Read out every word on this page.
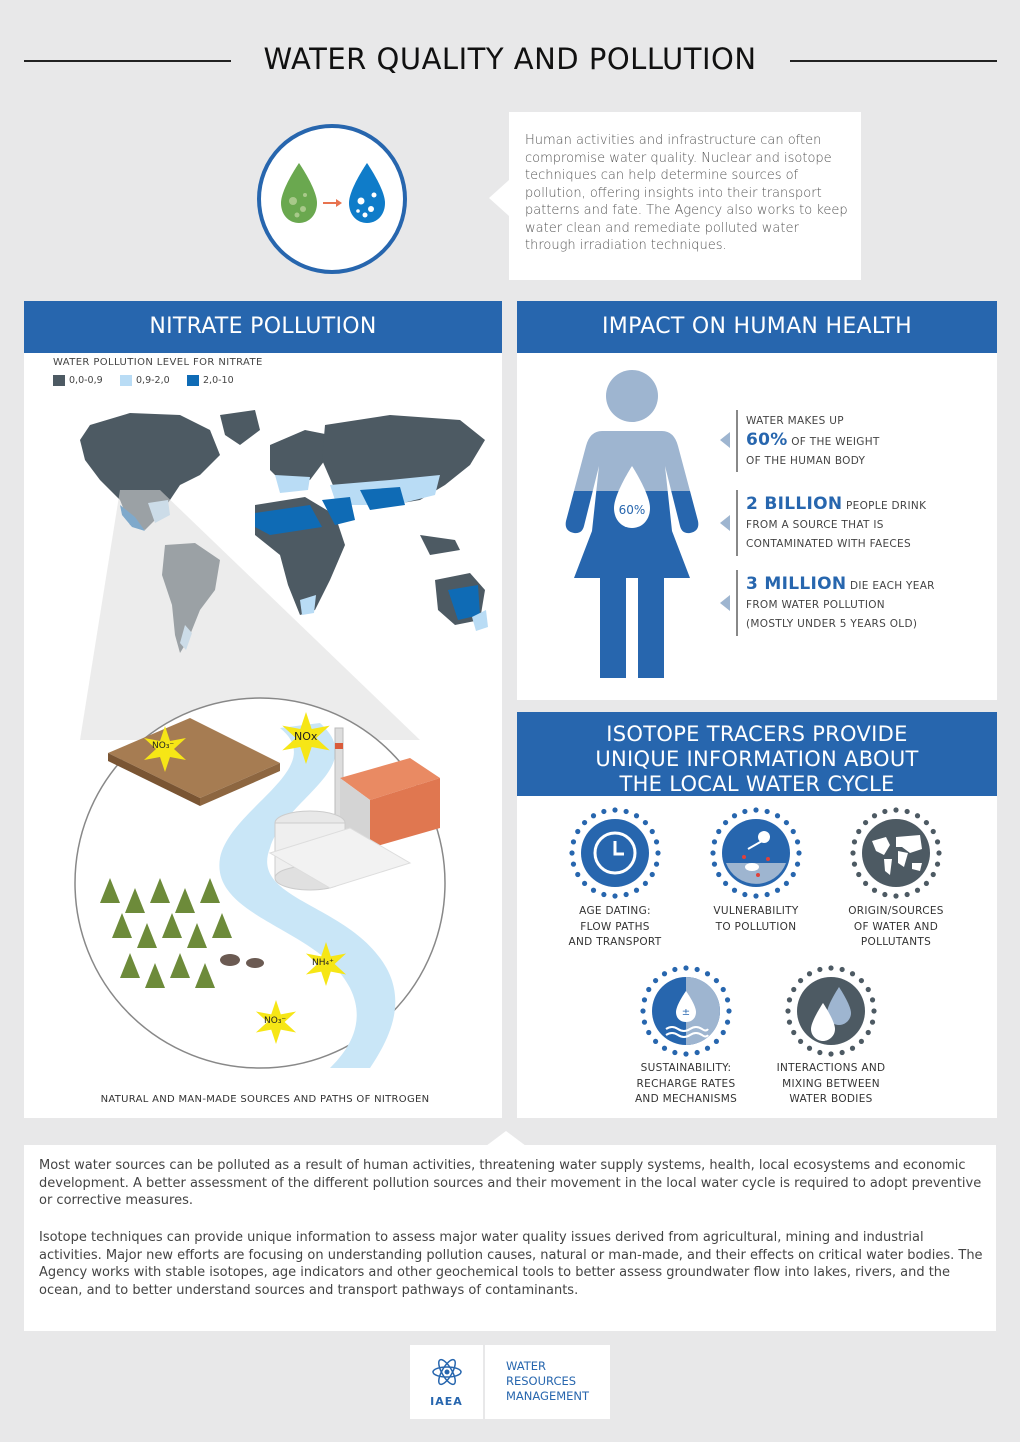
WATER QUALITY AND POLLUTION
Human activities and infrastructure can often compromise water quality. Nuclear and isotope techniques can help determine sources of pollution, offering insights into their transport patterns and fate. The Agency also works to keep water clean and remediate polluted water through irradiation techniques.
NITRATE POLLUTION
WATER POLLUTION LEVEL FOR NITRATE
0,0-0,9	0,9-2,0	2,0-10
NO₃⁻
NOx
NH₄⁺
NO₃⁻
NATURAL AND MAN-MADE SOURCES AND PATHS OF NITROGEN
IMPACT ON HUMAN HEALTH
60%
WATER MAKES UP
60% OF THE WEIGHT
OF THE HUMAN BODY
2 BILLION PEOPLE DRINK
FROM A SOURCE THAT IS
CONTAMINATED WITH FAECES
3 MILLION DIE EACH YEAR
FROM WATER POLLUTION
(MOSTLY UNDER 5 YEARS OLD)
ISOTOPE TRACERS PROVIDE
UNIQUE INFORMATION ABOUT
THE LOCAL WATER CYCLE
±
AGE DATING:
FLOW PATHS
AND TRANSPORT
VULNERABILITY
TO POLLUTION
ORIGIN/SOURCES
OF WATER AND
POLLUTANTS
SUSTAINABILITY:
RECHARGE RATES
AND MECHANISMS
INTERACTIONS AND
MIXING BETWEEN
WATER BODIES
Most water sources can be polluted as a result of human activities, threatening water supply systems, health, local ecosystems and economic development. A better assessment of the different pollution sources and their movement in the local water cycle is required to adopt preventive or corrective measures.
Isotope techniques can provide unique information to assess major water quality issues derived from agricultural, mining and industrial activities. Major new efforts are focusing on understanding pollution causes, natural or man-made, and their effects on critical water bodies. The Agency works with stable isotopes, age indicators and other geochemical tools to better assess groundwater flow into lakes, rivers, and the ocean, and to better understand sources and transport pathways of contaminants.
IAEA
WATER
RESOURCES
MANAGEMENT
